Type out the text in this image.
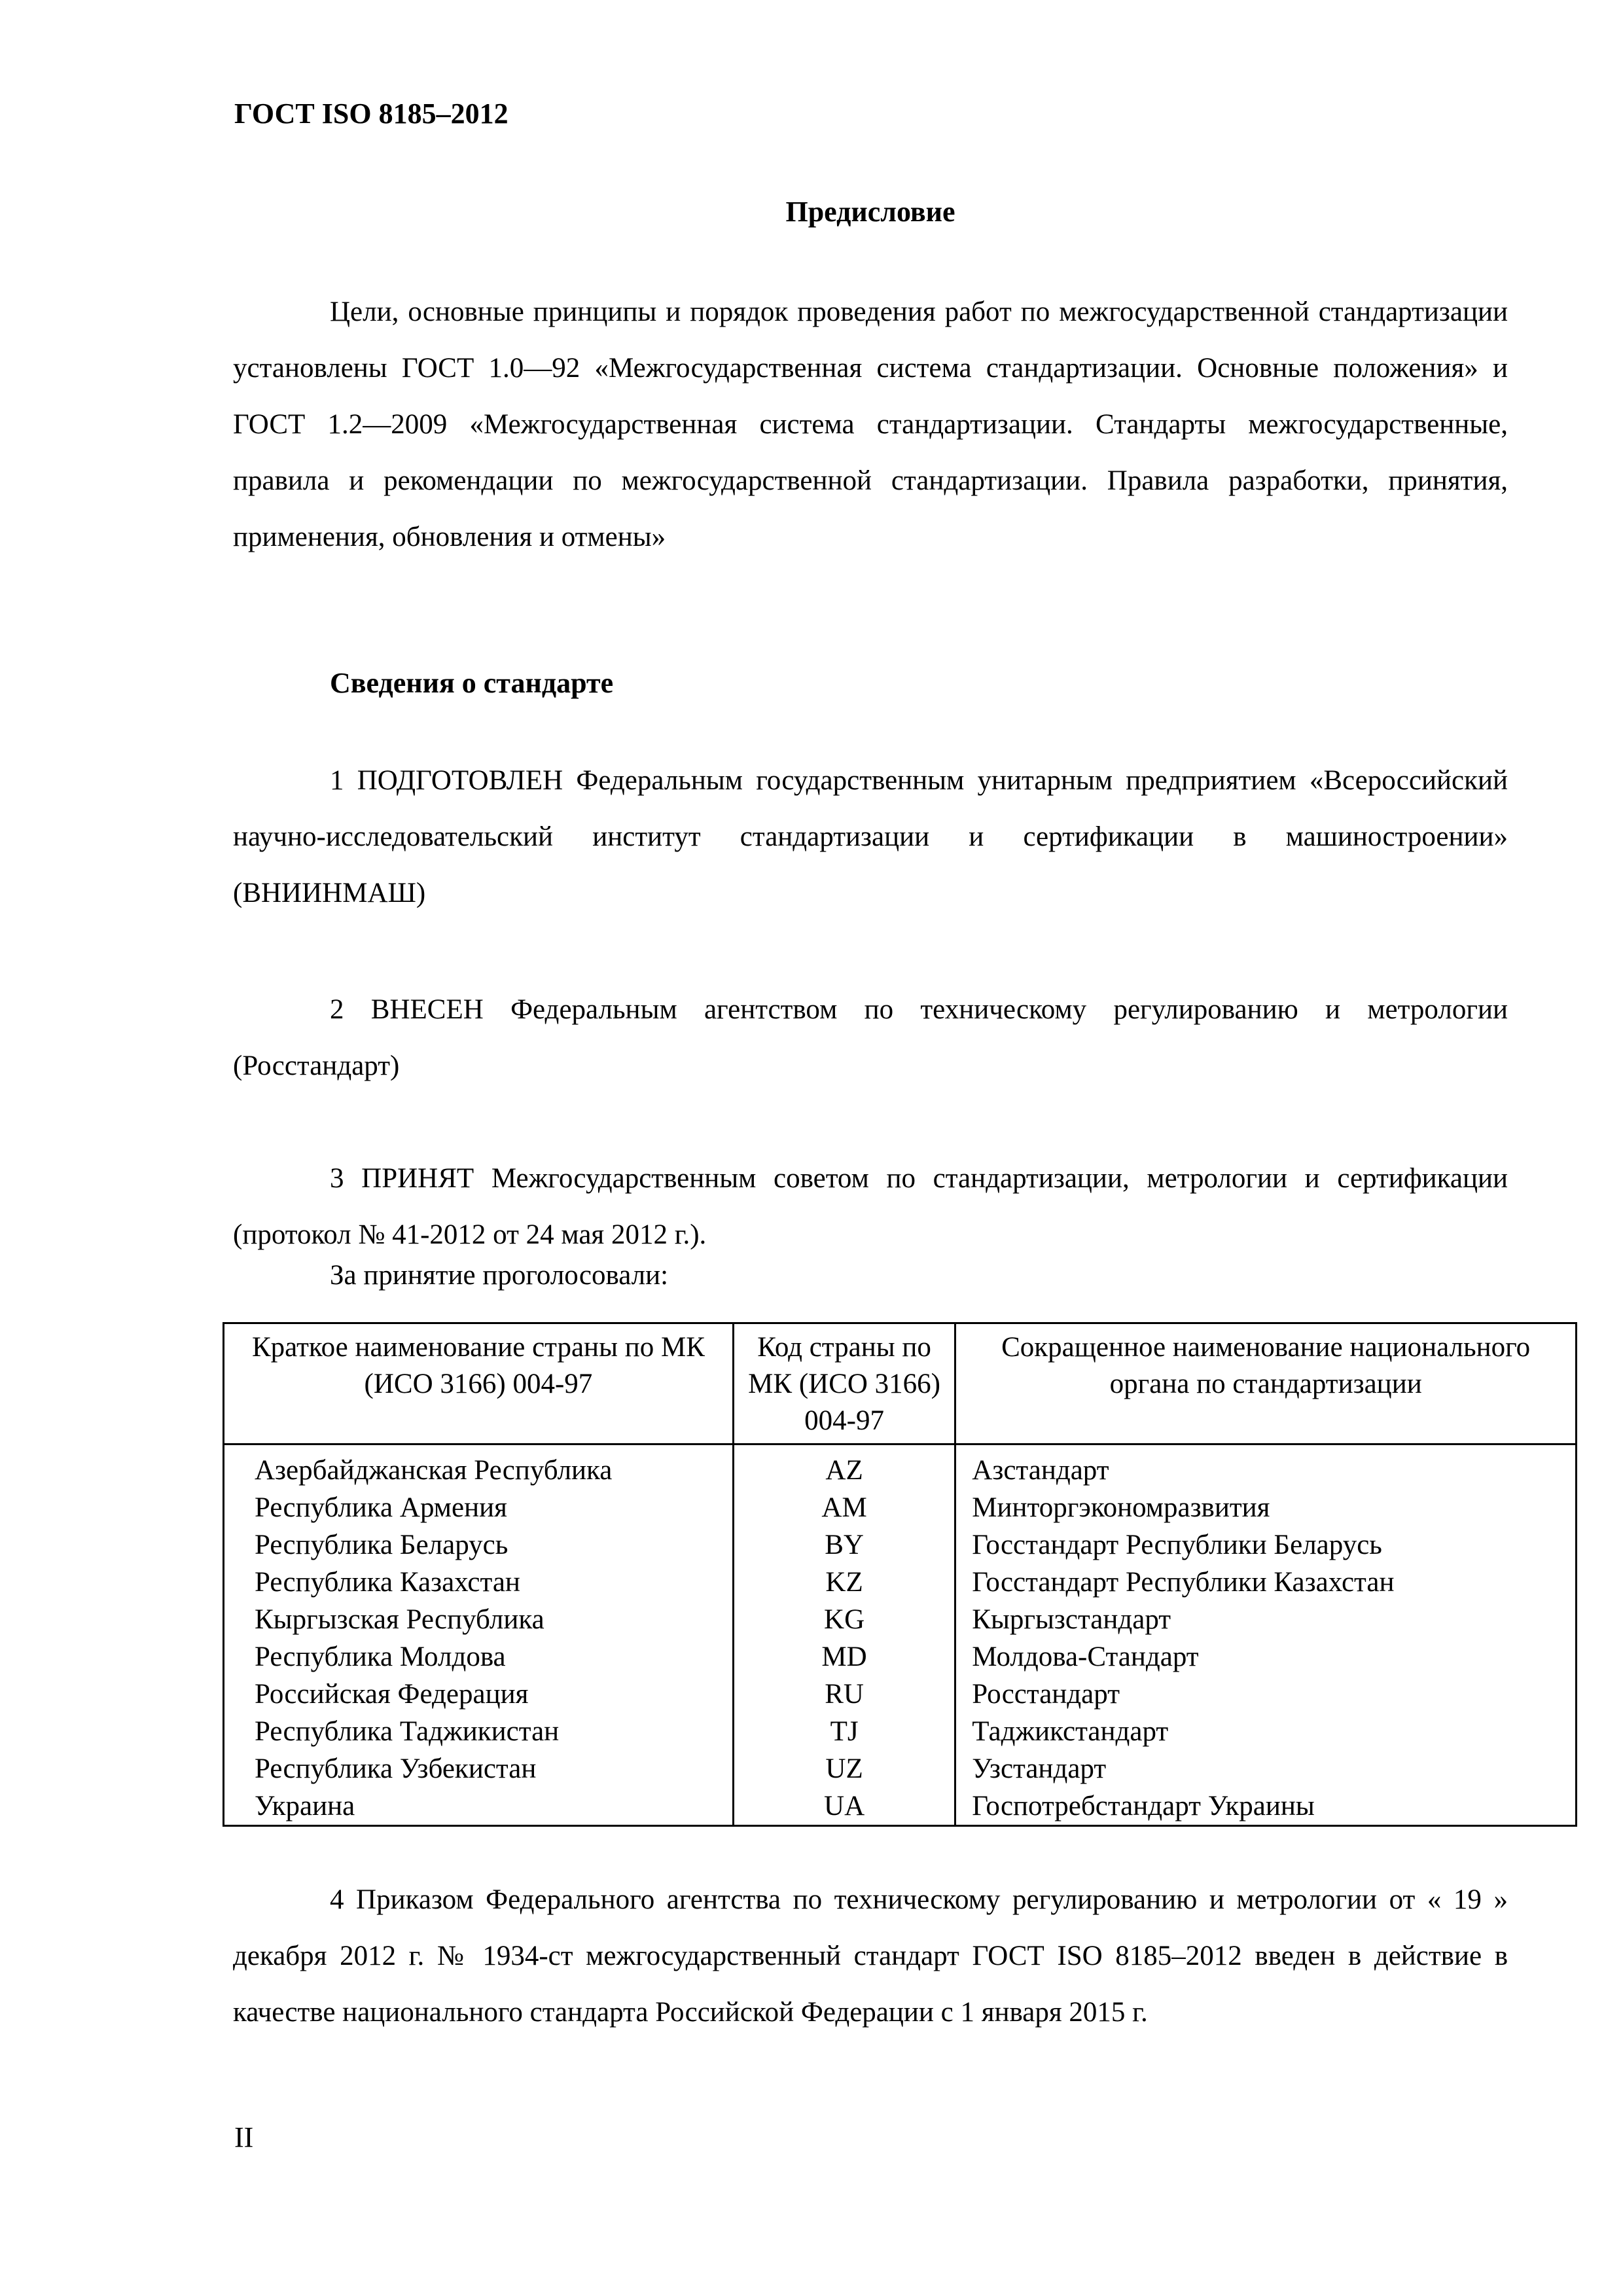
ГОСТ ISO 8185–2012
Предисловие

Цели, основные принципы и порядок проведения работ по межгосударственной стандартизации установлены ГОСТ 1.0—92 «Межгосударственная система стандартизации. Основные положения» и ГОСТ 1.2—2009 «Межгосударственная система стандартизации. Стандарты межгосударственные, правила и рекомендации по межгосударственной стандартизации. Правила разработки, принятия, применения, обновления и отмены»

Сведения о стандарте

1 ПОДГОТОВЛЕН Федеральным государственным унитарным предприятием «Всероссийский научно-исследовательский институт стандартизации и сертификации в машиностроении» (ВНИИНМАШ)

2 ВНЕСЕН Федеральным агентством по техническому регулированию и метрологии (Росстандарт)

3 ПРИНЯТ Межгосударственным советом по стандартизации, метрологии и сертификации (протокол № 41-2012 от 24 мая 2012 г.).

За принятие проголосовали:
Краткое наименование страны по МК (ИСО 3166) 004-97	Код страны по МК (ИСО 3166) 004-97	Сокращенное наименование национального органа по стандартизации
Азербайджанская Республика	AZ	Азстандарт
Республика Армения	AM	Минторгэкономразвития
Республика Беларусь	BY	Госстандарт Республики Беларусь
Республика Казахстан	KZ	Госстандарт Республики Казахстан
Кыргызская Республика	KG	Кыргызстандарт
Республика Молдова	MD	Молдова-Стандарт
Российская Федерация	RU	Росстандарт
Республика Таджикистан	TJ	Таджикстандарт
Республика Узбекистан	UZ	Узстандарт
Украина	UA	Госпотребстандарт Украины

4 Приказом Федерального агентства по техническому регулированию и метрологии от « 19 » декабря 2012 г. № 1934-ст межгосударственный стандарт ГОСТ ISO 8185–2012 введен в действие в качестве национального стандарта Российской Федерации с 1 января 2015 г.

II
